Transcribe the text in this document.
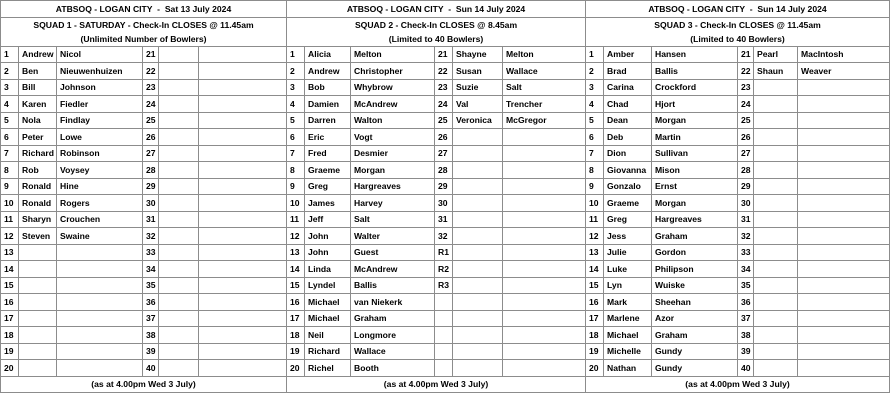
ATBSOQ - LOGAN CITY  -  Sat 13 July 2024					

SQUAD 1 - SATURDAY - Check-In CLOSES @ 11.45am
(Unlimited Number of Bowlers)					

1	Andrew	Nicol	21		
2	Ben	Nieuwenhuizen	22		
3	Bill	Johnson	23		
4	Karen	Fiedler	24		
5	Nola	Findlay	25		
6	Peter	Lowe	26		
7	Richard	Robinson	27		
8	Rob	Voysey	28		
9	Ronald	Hine	29		
10	Ronald	Rogers	30		
11	Sharyn	Crouchen	31		
12	Steven	Swaine	32		
13			33		
14			34		
15			35		
16			36		
17			37		
18			38		
19			39		
20			40		
(as at 4.00pm Wed 3 July)					
ATBSOQ - LOGAN CITY  -  Sun 14 July 2024					

SQUAD 2 - Check-In CLOSES @ 8.45am
(Limited to 40 Bowlers)					

1	Alicia	Melton	21	Shayne	Melton
2	Andrew	Christopher	22	Susan	Wallace
3	Bob	Whybrow	23	Suzie	Salt
4	Damien	McAndrew	24	Val	Trencher
5	Darren	Walton	25	Veronica	McGregor
6	Eric	Vogt	26		
7	Fred	Desmier	27		
8	Graeme	Morgan	28		
9	Greg	Hargreaves	29		
10	James	Harvey	30		
11	Jeff	Salt	31		
12	John	Walter	32		
13	John	Guest	R1		
14	Linda	McAndrew	R2		
15	Lyndel	Ballis	R3		
16	Michael	van Niekerk			
17	Michael	Graham			
18	Neil	Longmore			
19	Richard	Wallace			
20	Richel	Booth			
(as at 4.00pm Wed 3 July)					
ATBSOQ - LOGAN CITY  -  Sun 14 July 2024					

SQUAD 3 - Check-In CLOSES @ 11.45am
(Limited to 40 Bowlers)					

1	Amber	Hansen	21	Pearl	MacIntosh
2	Brad	Ballis	22	Shaun	Weaver
3	Carina	Crockford	23		
4	Chad	Hjort	24		
5	Dean	Morgan	25		
6	Deb	Martin	26		
7	Dion	Sullivan	27		
8	Giovanna	Mison	28		
9	Gonzalo	Ernst	29		
10	Graeme	Morgan	30		
11	Greg	Hargreaves	31		
12	Jess	Graham	32		
13	Julie	Gordon	33		
14	Luke	Philipson	34		
15	Lyn	Wuiske	35		
16	Mark	Sheehan	36		
17	Marlene	Azor	37		
18	Michael	Graham	38		
19	Michelle	Gundy	39		
20	Nathan	Gundy	40		
(as at 4.00pm Wed 3 July)					
